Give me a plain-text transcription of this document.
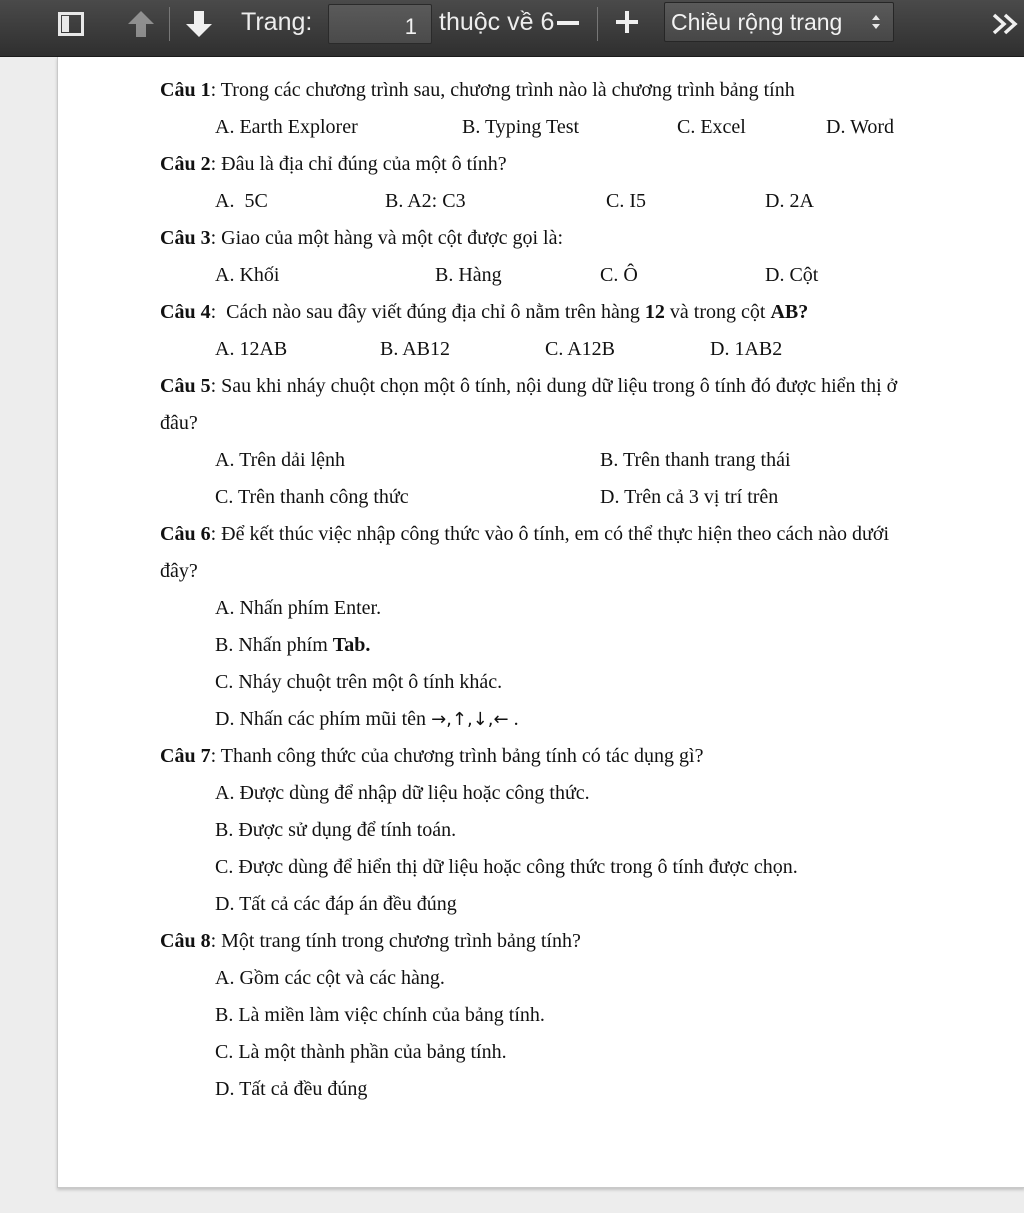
Trang:	1 thuộc về 6	Chiều rộng trang
Câu 1: Trong các chương trình sau, chương trình nào là chương trình bảng tính
A. Earth Explorer	B. Typing Test	C. Excel	D. Word
Câu 2: Đâu là địa chỉ đúng của một ô tính?
A.  5C	B. A2: C3	C. I5	D. 2A
Câu 3: Giao của một hàng và một cột được gọi là:
A. Khối	B. Hàng	C. Ô	D. Cột
Câu 4:  Cách nào sau đây viết đúng địa chỉ ô nằm trên hàng 12 và trong cột AB?
A. 12AB	B. AB12	C. A12B	D. 1AB2
Câu 5: Sau khi nháy chuột chọn một ô tính, nội dung dữ liệu trong ô tính đó được hiển thị ở
đâu?
A. Trên dải lệnh	B. Trên thanh trang thái
C. Trên thanh công thức	D. Trên cả 3 vị trí trên
Câu 6: Để kết thúc việc nhập công thức vào ô tính, em có thể thực hiện theo cách nào dưới
đây?
A. Nhấn phím Enter.
B. Nhấn phím Tab.
C. Nháy chuột trên một ô tính khác.
D. Nhấn các phím mũi tên →,↑,↓,← .
Câu 7: Thanh công thức của chương trình bảng tính có tác dụng gì?
A. Được dùng để nhập dữ liệu hoặc công thức.
B. Được sử dụng để tính toán.
C. Được dùng để hiển thị dữ liệu hoặc công thức trong ô tính được chọn.
D. Tất cả các đáp án đều đúng
Câu 8: Một trang tính trong chương trình bảng tính?
A. Gồm các cột và các hàng.
B. Là miền làm việc chính của bảng tính.
C. Là một thành phần của bảng tính.
D. Tất cả đều đúng
